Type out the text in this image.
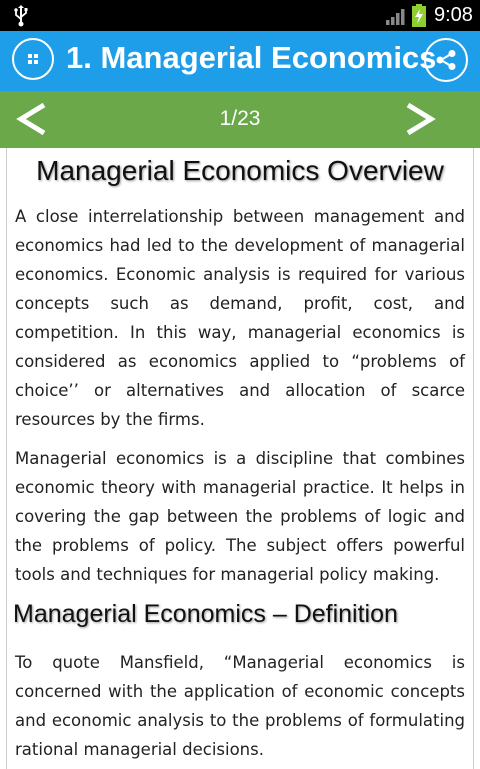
9:08
1. Managerial Economics
1/23
Managerial Economics Overview

A close interrelationship between management and economics had led to the development of managerial economics. Economic analysis is required for various concepts such as demand, profit, cost, and competition. In this way, managerial economics is considered as economics applied to “problems of choice’’ or alternatives and allocation of scarce resources by the firms.

Managerial economics is a discipline that combines economic theory with managerial practice. It helps in covering the gap between the problems of logic and the problems of policy. The subject offers powerful tools and techniques for managerial policy making.

Managerial Economics – Definition

To quote Mansfield, “Managerial economics is concerned with the application of economic concepts and economic analysis to the problems of formulating rational managerial decisions.
